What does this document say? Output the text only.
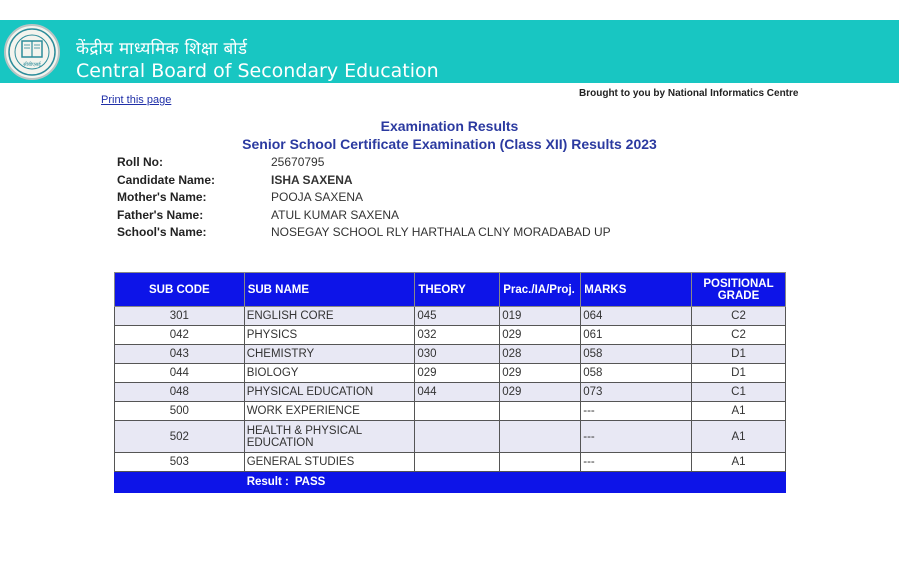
सीबीएसई
केंद्रीय माध्यमिक शिक्षा बोर्ड
Central Board of Secondary Education
http://cbseresults.nic.in
Print this page
Brought to you by National Informatics Centre
Examination Results
Senior School Certificate Examination (Class XII) Results 2023
Roll No:	25670795
Candidate Name:	ISHA SAXENA
Mother's Name:	POOJA SAXENA
Father's Name:	ATUL KUMAR SAXENA
School's Name:	NOSEGAY SCHOOL RLY HARTHALA CLNY MORADABAD UP
SUB CODE	SUB NAME	THEORY	Prac./IA/Proj.	MARKS	POSITIONAL GRADE
301	ENGLISH CORE	045	019	064	C2
042	PHYSICS	032	029	061	C2
043	CHEMISTRY	030	028	058	D1
044	BIOLOGY	029	029	058	D1
048	PHYSICAL EDUCATION	044	029	073	C1
500	WORK EXPERIENCE			---	A1
502	HEALTH & PHYSICAL EDUCATION			---	A1
503	GENERAL STUDIES			---	A1
	Result : PASS				
